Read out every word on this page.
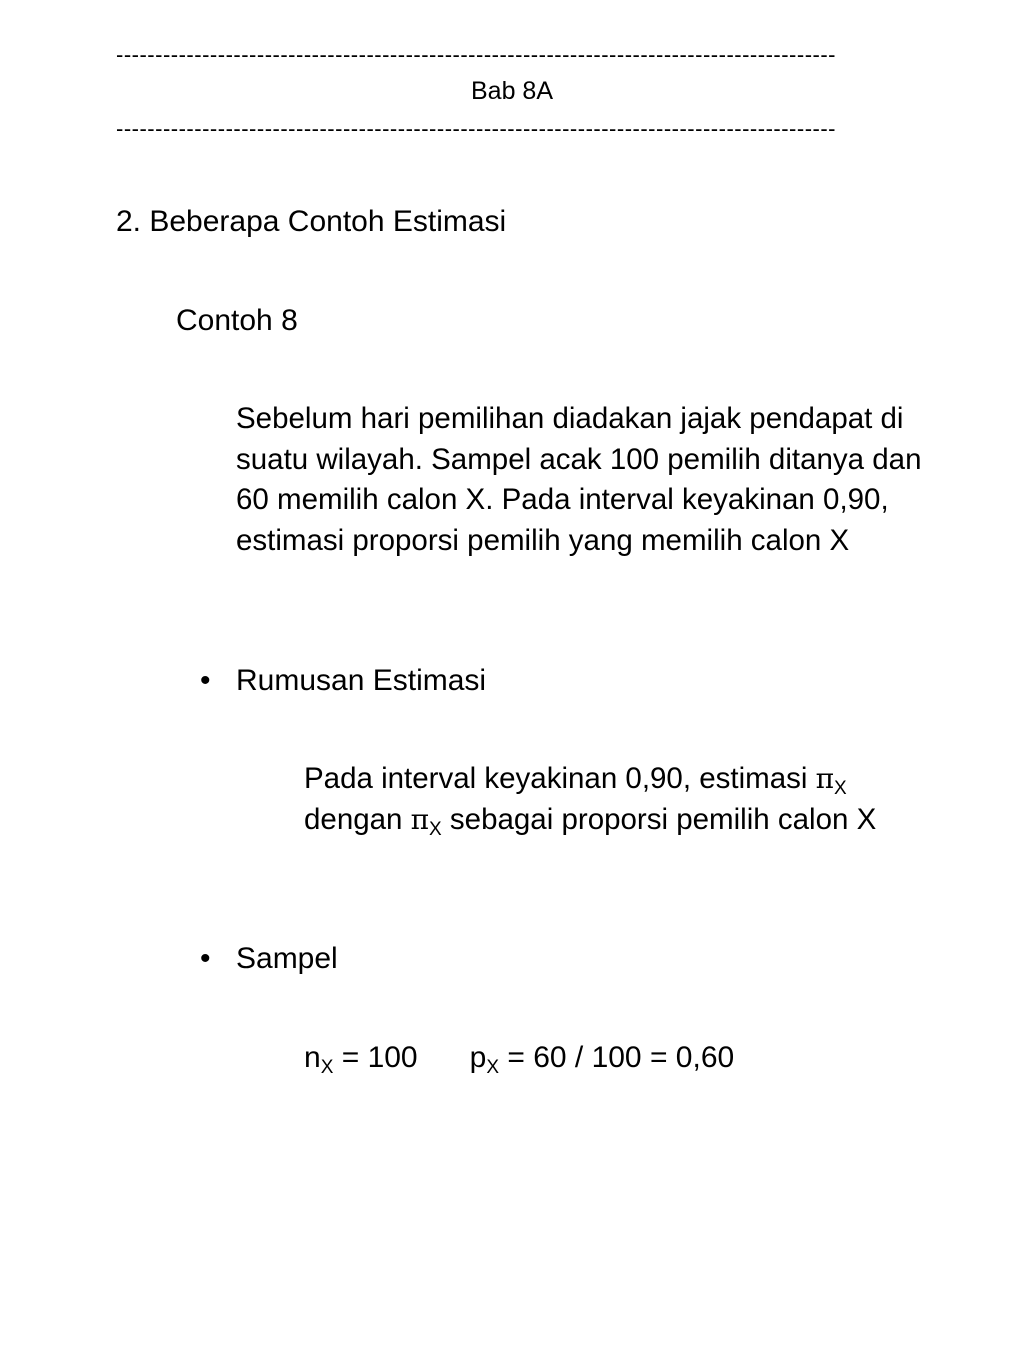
--------------------------------------------------------------------------------------------
Bab 8A
--------------------------------------------------------------------------------------------
2. Beberapa Contoh Estimasi
Contoh 8

Sebelum hari pemilihan diadakan jajak pendapat di suatu wilayah. Sampel acak 100 pemilih ditanya dan 60 memilih calon X. Pada interval keyakinan 0,90, estimasi proporsi pemilih yang memilih calon X

• Rumusan Estimasi

Pada interval keyakinan 0,90, estimasi $\pi_X$
dengan $\pi_X$ sebagai proporsi pemilih calon X

• Sampel
$n_X = 100$ $p_X = 60 / 100 = 0,60$
